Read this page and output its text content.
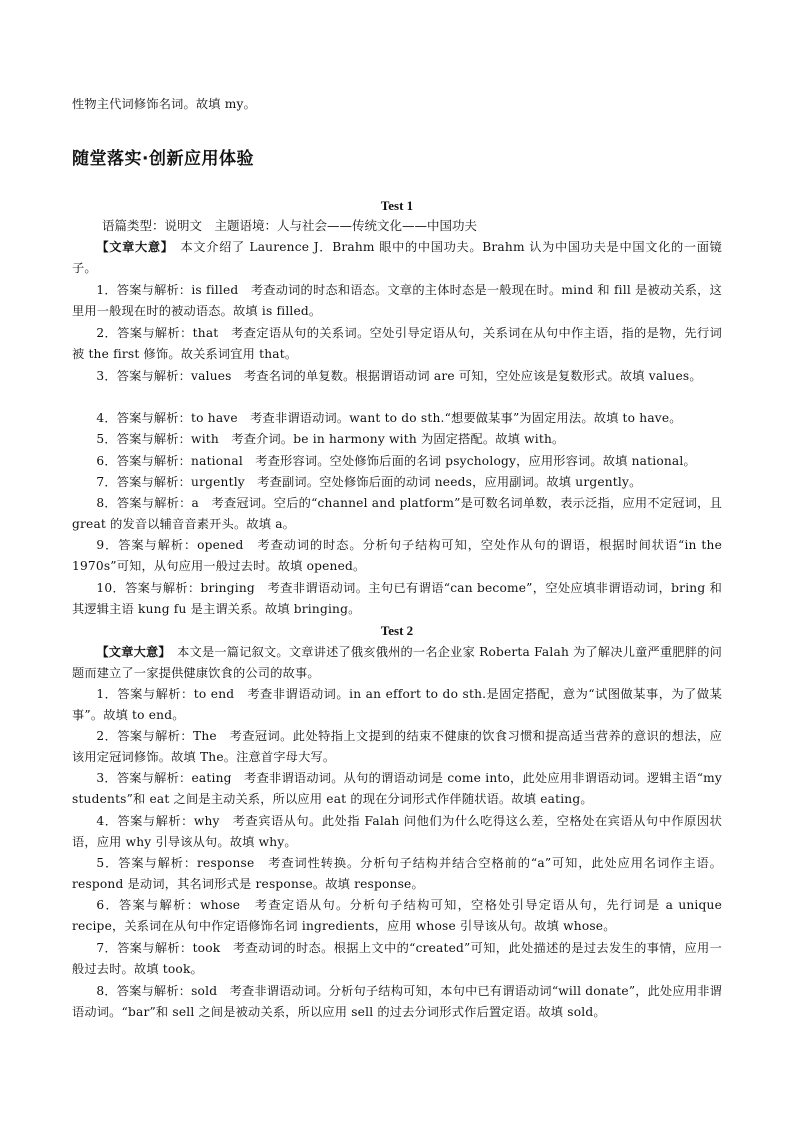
性物主代词修饰名词。故填 my。
随堂落实·创新应用体验
Test 1
语篇类型：说明文　主题语境：人与社会——传统文化——中国功夫
【文章大意】　本文介绍了 Laurence J．Brahm 眼中的中国功夫。Brahm 认为中国功夫是中国文化的一面镜子。
1．答案与解析：is filled　考查动词的时态和语态。文章的主体时态是一般现在时。mind 和 fill 是被动关系，这里用一般现在时的被动语态。故填 is filled。
2．答案与解析：that　考查定语从句的关系词。空处引导定语从句，关系词在从句中作主语，指的是物，先行词被 the first 修饰。故关系词宜用 that。
3．答案与解析：values　考查名词的单复数。根据谓语动词 are 可知，空处应该是复数形式。故填 values。
4．答案与解析：to have　考查非谓语动词。want to do sth.“想要做某事”为固定用法。故填 to have。
5．答案与解析：with　考查介词。be in harmony with 为固定搭配。故填 with。
6．答案与解析：national　考查形容词。空处修饰后面的名词 psychology，应用形容词。故填 national。
7．答案与解析：urgently　考查副词。空处修饰后面的动词 needs，应用副词。故填 urgently。
8．答案与解析：a　考查冠词。空后的“channel and platform”是可数名词单数，表示泛指，应用不定冠词，且 great 的发音以辅音音素开头。故填 a。
9．答案与解析：opened　考查动词的时态。分析句子结构可知，空处作从句的谓语，根据时间状语“in the 1970s”可知，从句应用一般过去时。故填 opened。
10．答案与解析：bringing　考查非谓语动词。主句已有谓语“can become”，空处应填非谓语动词，bring 和其逻辑主语 kung fu 是主谓关系。故填 bringing。
Test 2
【文章大意】　本文是一篇记叙文。文章讲述了俄亥俄州的一名企业家 Roberta Falah 为了解决儿童严重肥胖的问题而建立了一家提供健康饮食的公司的故事。
1．答案与解析：to end　考查非谓语动词。in an effort to do sth.是固定搭配，意为“试图做某事，为了做某事”。故填 to end。
2．答案与解析：The　考查冠词。此处特指上文提到的结束不健康的饮食习惯和提高适当营养的意识的想法，应该用定冠词修饰。故填 The。注意首字母大写。
3．答案与解析：eating　考查非谓语动词。从句的谓语动词是 come into，此处应用非谓语动词。逻辑主语“my students”和 eat 之间是主动关系，所以应用 eat 的现在分词形式作伴随状语。故填 eating。
4．答案与解析：why　考查宾语从句。此处指 Falah 问他们为什么吃得这么差，空格处在宾语从句中作原因状语，应用 why 引导该从句。故填 why。
5．答案与解析：response　考查词性转换。分析句子结构并结合空格前的“a”可知，此处应用名词作主语。respond 是动词，其名词形式是 response。故填 response。
6．答案与解析：whose　考查定语从句。分析句子结构可知，空格处引导定语从句，先行词是 a unique recipe，关系词在从句中作定语修饰名词 ingredients，应用 whose 引导该从句。故填 whose。
7．答案与解析：took　考查动词的时态。根据上文中的“created”可知，此处描述的是过去发生的事情，应用一般过去时。故填 took。
8．答案与解析：sold　考查非谓语动词。分析句子结构可知，本句中已有谓语动词“will donate”，此处应用非谓语动词。“bar”和 sell 之间是被动关系，所以应用 sell 的过去分词形式作后置定语。故填 sold。
